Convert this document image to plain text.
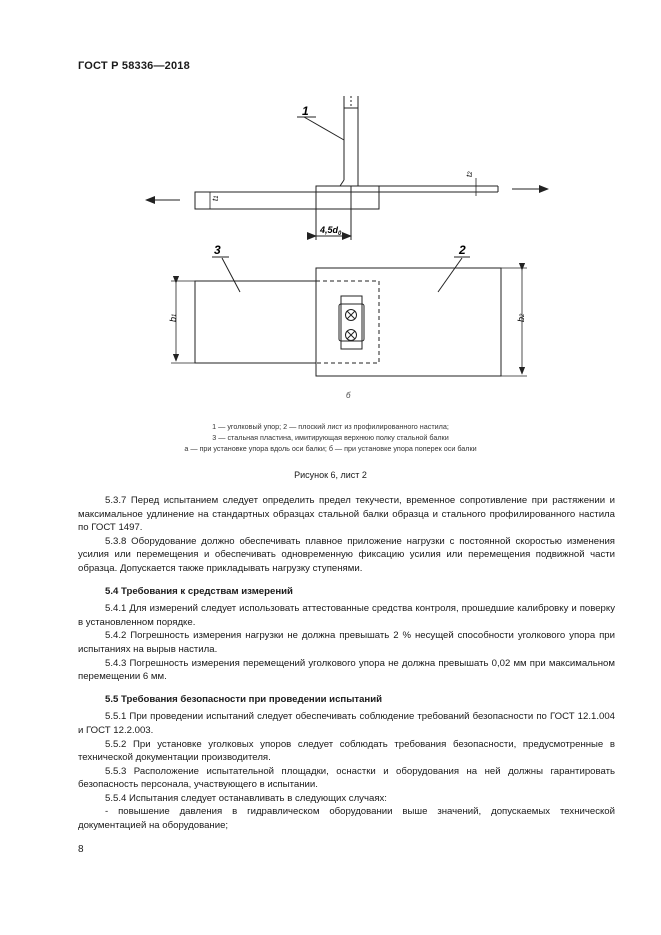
ГОСТ Р 58336—2018
1
t1
t2
$4,5d_0$
b1
b2
3	2
б
1 — уголковый упор; 2 — плоский лист из профилированного настила;
3 — стальная пластина, имитирующая верхнюю полку стальной балки
а — при установке упора вдоль оси балки; б — при установке упора поперек оси балки
Рисунок 6, лист 2

5.3.7 Перед испытанием следует определить предел текучести, временное сопротивление при растяжении и максимальное удлинение на стандартных образцах стальной балки образца и стального профилированного настила по ГОСТ 1497.

5.3.8 Оборудование должно обеспечивать плавное приложение нагрузки с постоянной скоростью изменения усилия или перемещения и обеспечивать одновременную фиксацию усилия или перемещения подвижной части образца. Допускается также прикладывать нагрузку ступенями.

5.4 Требования к средствам измерений

5.4.1 Для измерений следует использовать аттестованные средства контроля, прошедшие калибровку и поверку в установленном порядке.

5.4.2 Погрешность измерения нагрузки не должна превышать 2 % несущей способности уголкового упора при испытаниях на вырыв настила.

5.4.3 Погрешность измерения перемещений уголкового упора не должна превышать 0,02 мм при максимальном перемещении 6 мм.

5.5 Требования безопасности при проведении испытаний

5.5.1 При проведении испытаний следует обеспечивать соблюдение требований безопасности по ГОСТ 12.1.004 и ГОСТ 12.2.003.

5.5.2 При установке уголковых упоров следует соблюдать требования безопасности, предусмотренные в технической документации производителя.

5.5.3 Расположение испытательной площадки, оснастки и оборудования на ней должны гарантировать безопасность персонала, участвующего в испытании.

5.5.4 Испытания следует останавливать в следующих случаях:

- повышение давления в гидравлическом оборудовании выше значений, допускаемых технической документацией на оборудование;

8
